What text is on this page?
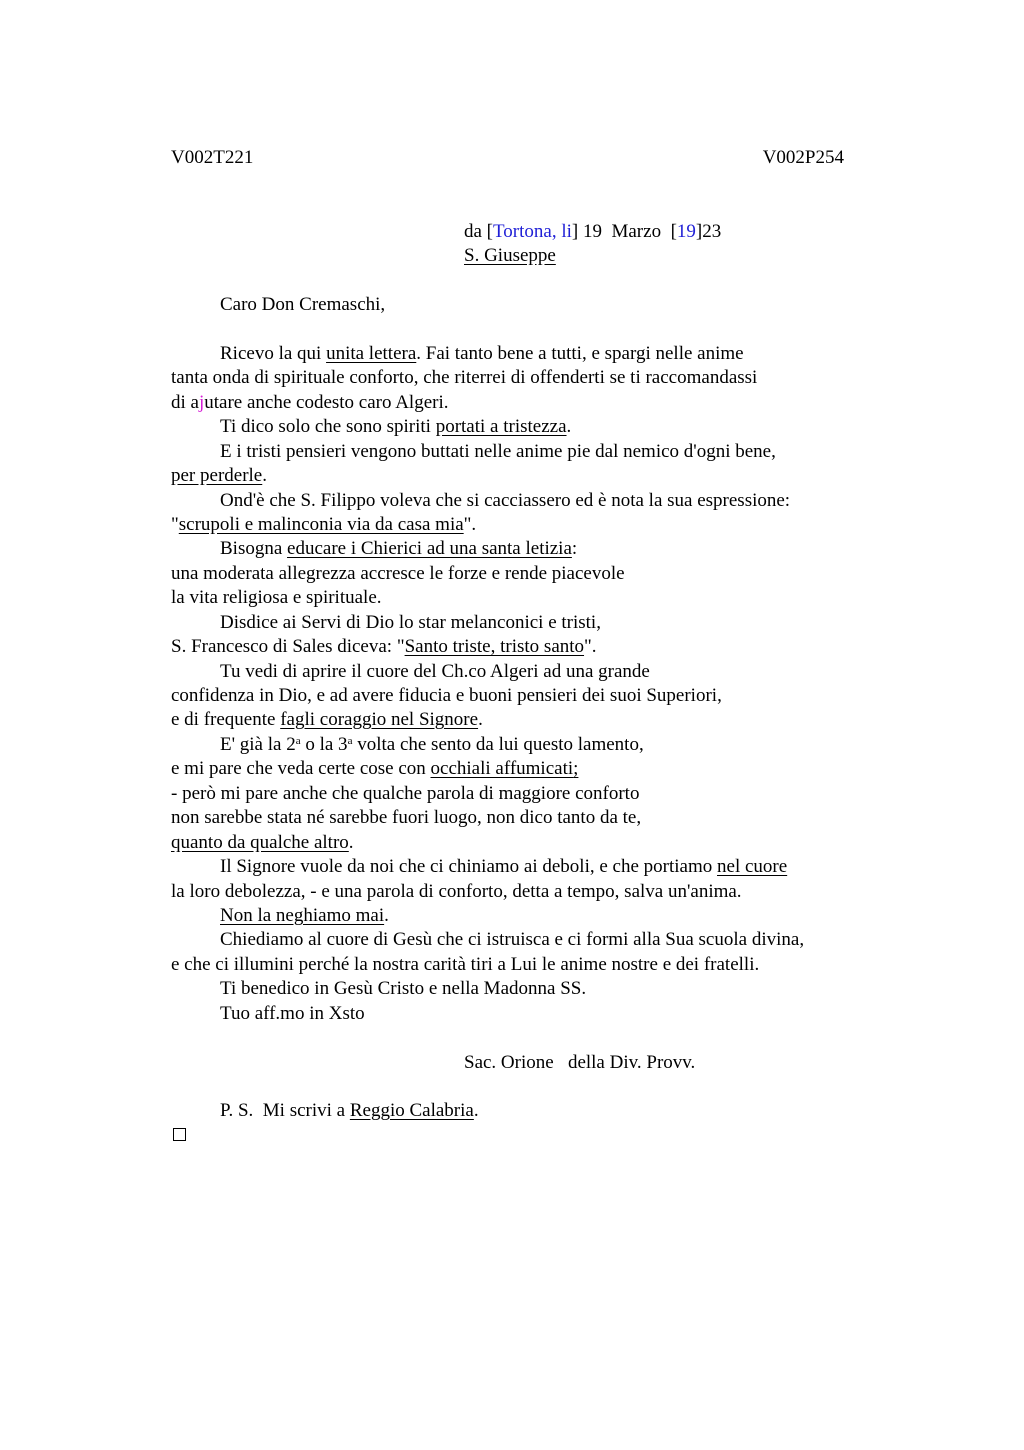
V002T221	V002P254
da [Tortona, li] 19  Marzo  [19]23
S. Giuseppe
Caro Don Cremaschi,
Ricevo la qui unita lettera. Fai tanto bene a tutti, e spargi nelle anime
tanta onda di spirituale conforto, che riterrei di offenderti se ti raccomandassi
di ajutare anche codesto caro Algeri.
Ti dico solo che sono spiriti portati a tristezza.
E i tristi pensieri vengono buttati nelle anime pie dal nemico d'ogni bene,
per perderle.
Ond'è che S. Filippo voleva che si cacciassero ed è nota la sua espressione:
"scrupoli e malinconia via da casa mia".
Bisogna educare i Chierici ad una santa letizia:
una moderata allegrezza accresce le forze e rende piacevole
la vita religiosa e spirituale.
Disdice ai Servi di Dio lo star melanconici e tristi,
S. Francesco di Sales diceva: "Santo triste, tristo santo".
Tu vedi di aprire il cuore del Ch.co Algeri ad una grande
confidenza in Dio, e ad avere fiducia e buoni pensieri dei suoi Superiori,
e di frequente fagli coraggio nel Signore.
E' già la 2$^a$ o la 3$^a$ volta che sento da lui questo lamento,
e mi pare che veda certe cose con occhiali affumicati;
- però mi pare anche che qualche parola di maggiore conforto
non sarebbe stata né sarebbe fuori luogo, non dico tanto da te,
quanto da qualche altro.
Il Signore vuole da noi che ci chiniamo ai deboli, e che portiamo nel cuore
la loro debolezza, - e una parola di conforto, detta a tempo, salva un'anima.
Non la neghiamo mai.
Chiediamo al cuore di Gesù che ci istruisca e ci formi alla Sua scuola divina,
e che ci illumini perché la nostra carità tiri a Lui le anime nostre e dei fratelli.
Ti benedico in Gesù Cristo e nella Madonna SS.
Tuo aff.mo in Xsto
Sac. Orione   della Div. Provv.
P. S.  Mi scrivi a Reggio Calabria.
